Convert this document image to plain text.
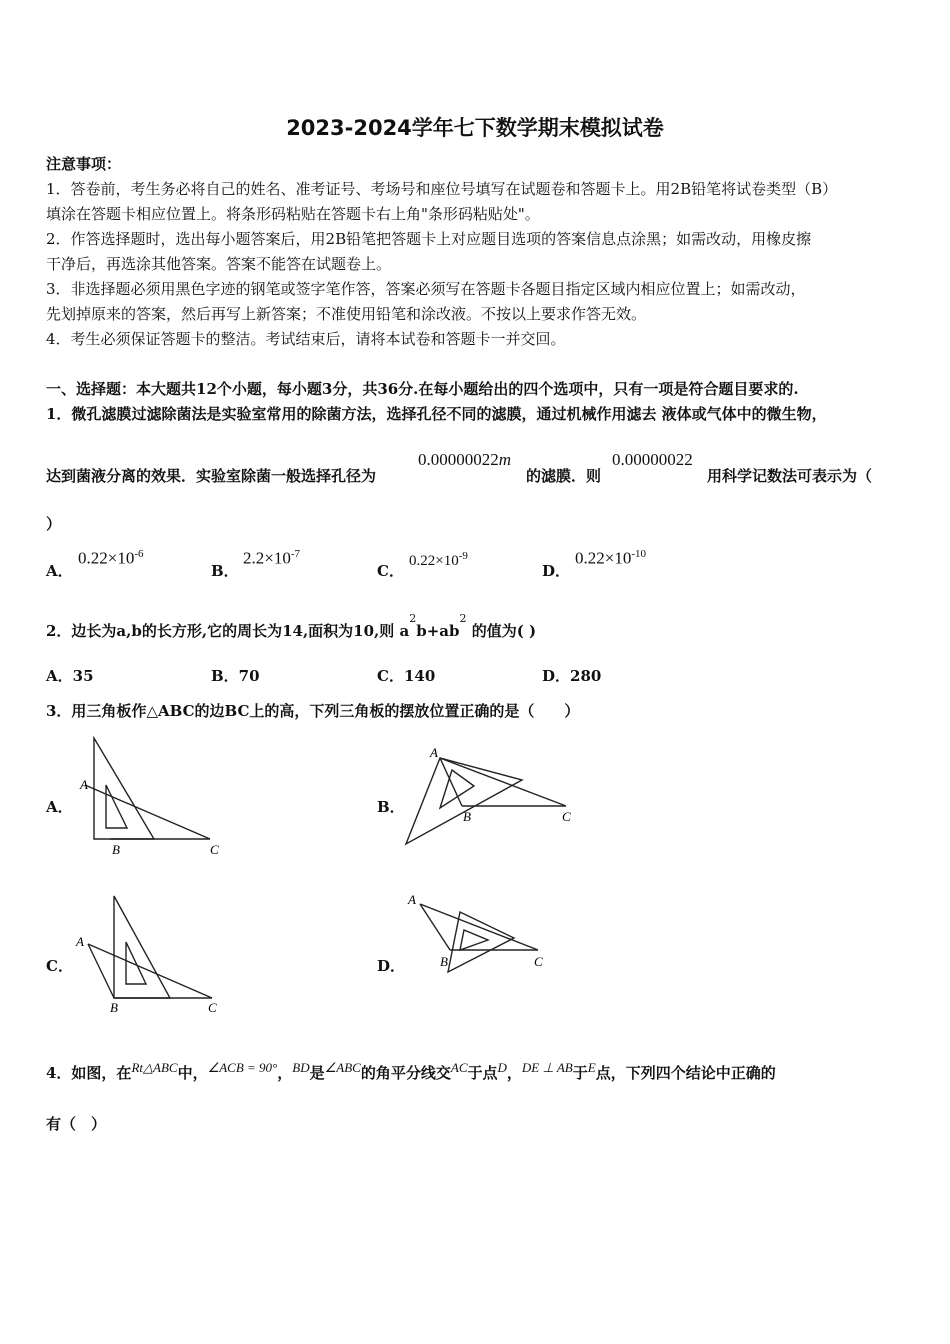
2023-2024学年七下数学期末模拟试卷
注意事项：
1．答卷前，考生务必将自己的姓名、准考证号、考场号和座位号填写在试题卷和答题卡上。用2B铅笔将试卷类型（B）
填涂在答题卡相应位置上。将条形码粘贴在答题卡右上角"条形码粘贴处"。
2．作答选择题时，选出每小题答案后，用2B铅笔把答题卡上对应题目选项的答案信息点涂黑；如需改动，用橡皮擦
干净后，再选涂其他答案。答案不能答在试题卷上。
3．非选择题必须用黑色字迹的钢笔或签字笔作答，答案必须写在答题卡各题目指定区域内相应位置上；如需改动，
先划掉原来的答案，然后再写上新答案；不准使用铅笔和涂改液。不按以上要求作答无效。
4．考生必须保证答题卡的整洁。考试结束后，请将本试卷和答题卡一并交回。
一、选择题：本大题共12个小题，每小题3分，共36分.在每小题给出的四个选项中，只有一项是符合题目要求的.
1．微孔滤膜过滤除菌法是实验室常用的除菌方法，选择孔径不同的滤膜，通过机械作用滤去 液体或气体中的微生物，
达到菌液分离的效果．实验室除菌一般选择孔径为
0.00000022m
的滤膜．则
0.00000022
用科学记数法可表示为（
）
A．
$0.22\times 10^{-6}$
B．
$2.2\times 10^{-7}$
C．
$0.22\times 10^{-9}$
D．
$0.22\times 10^{-10}$
2．边长为a,b的长方形,它的周长为14,面积为10,则 $a^2b+ab^2$ 的值为( )
A．35	B．70	C．140	D．280
3．用三角板作△ABC的边BC上的高，下列三角板的摆放位置正确的是（　　）
A．	B．
C．	D．
A
B	C
A
B	C
A
B	C
A
B	C
4．如图，在Rt△ABC中，∠ACB = 90°，BD是∠ABC的角平分线交AC于点D，DE ⊥ AB于E点，下列四个结论中正确的
有（　）
